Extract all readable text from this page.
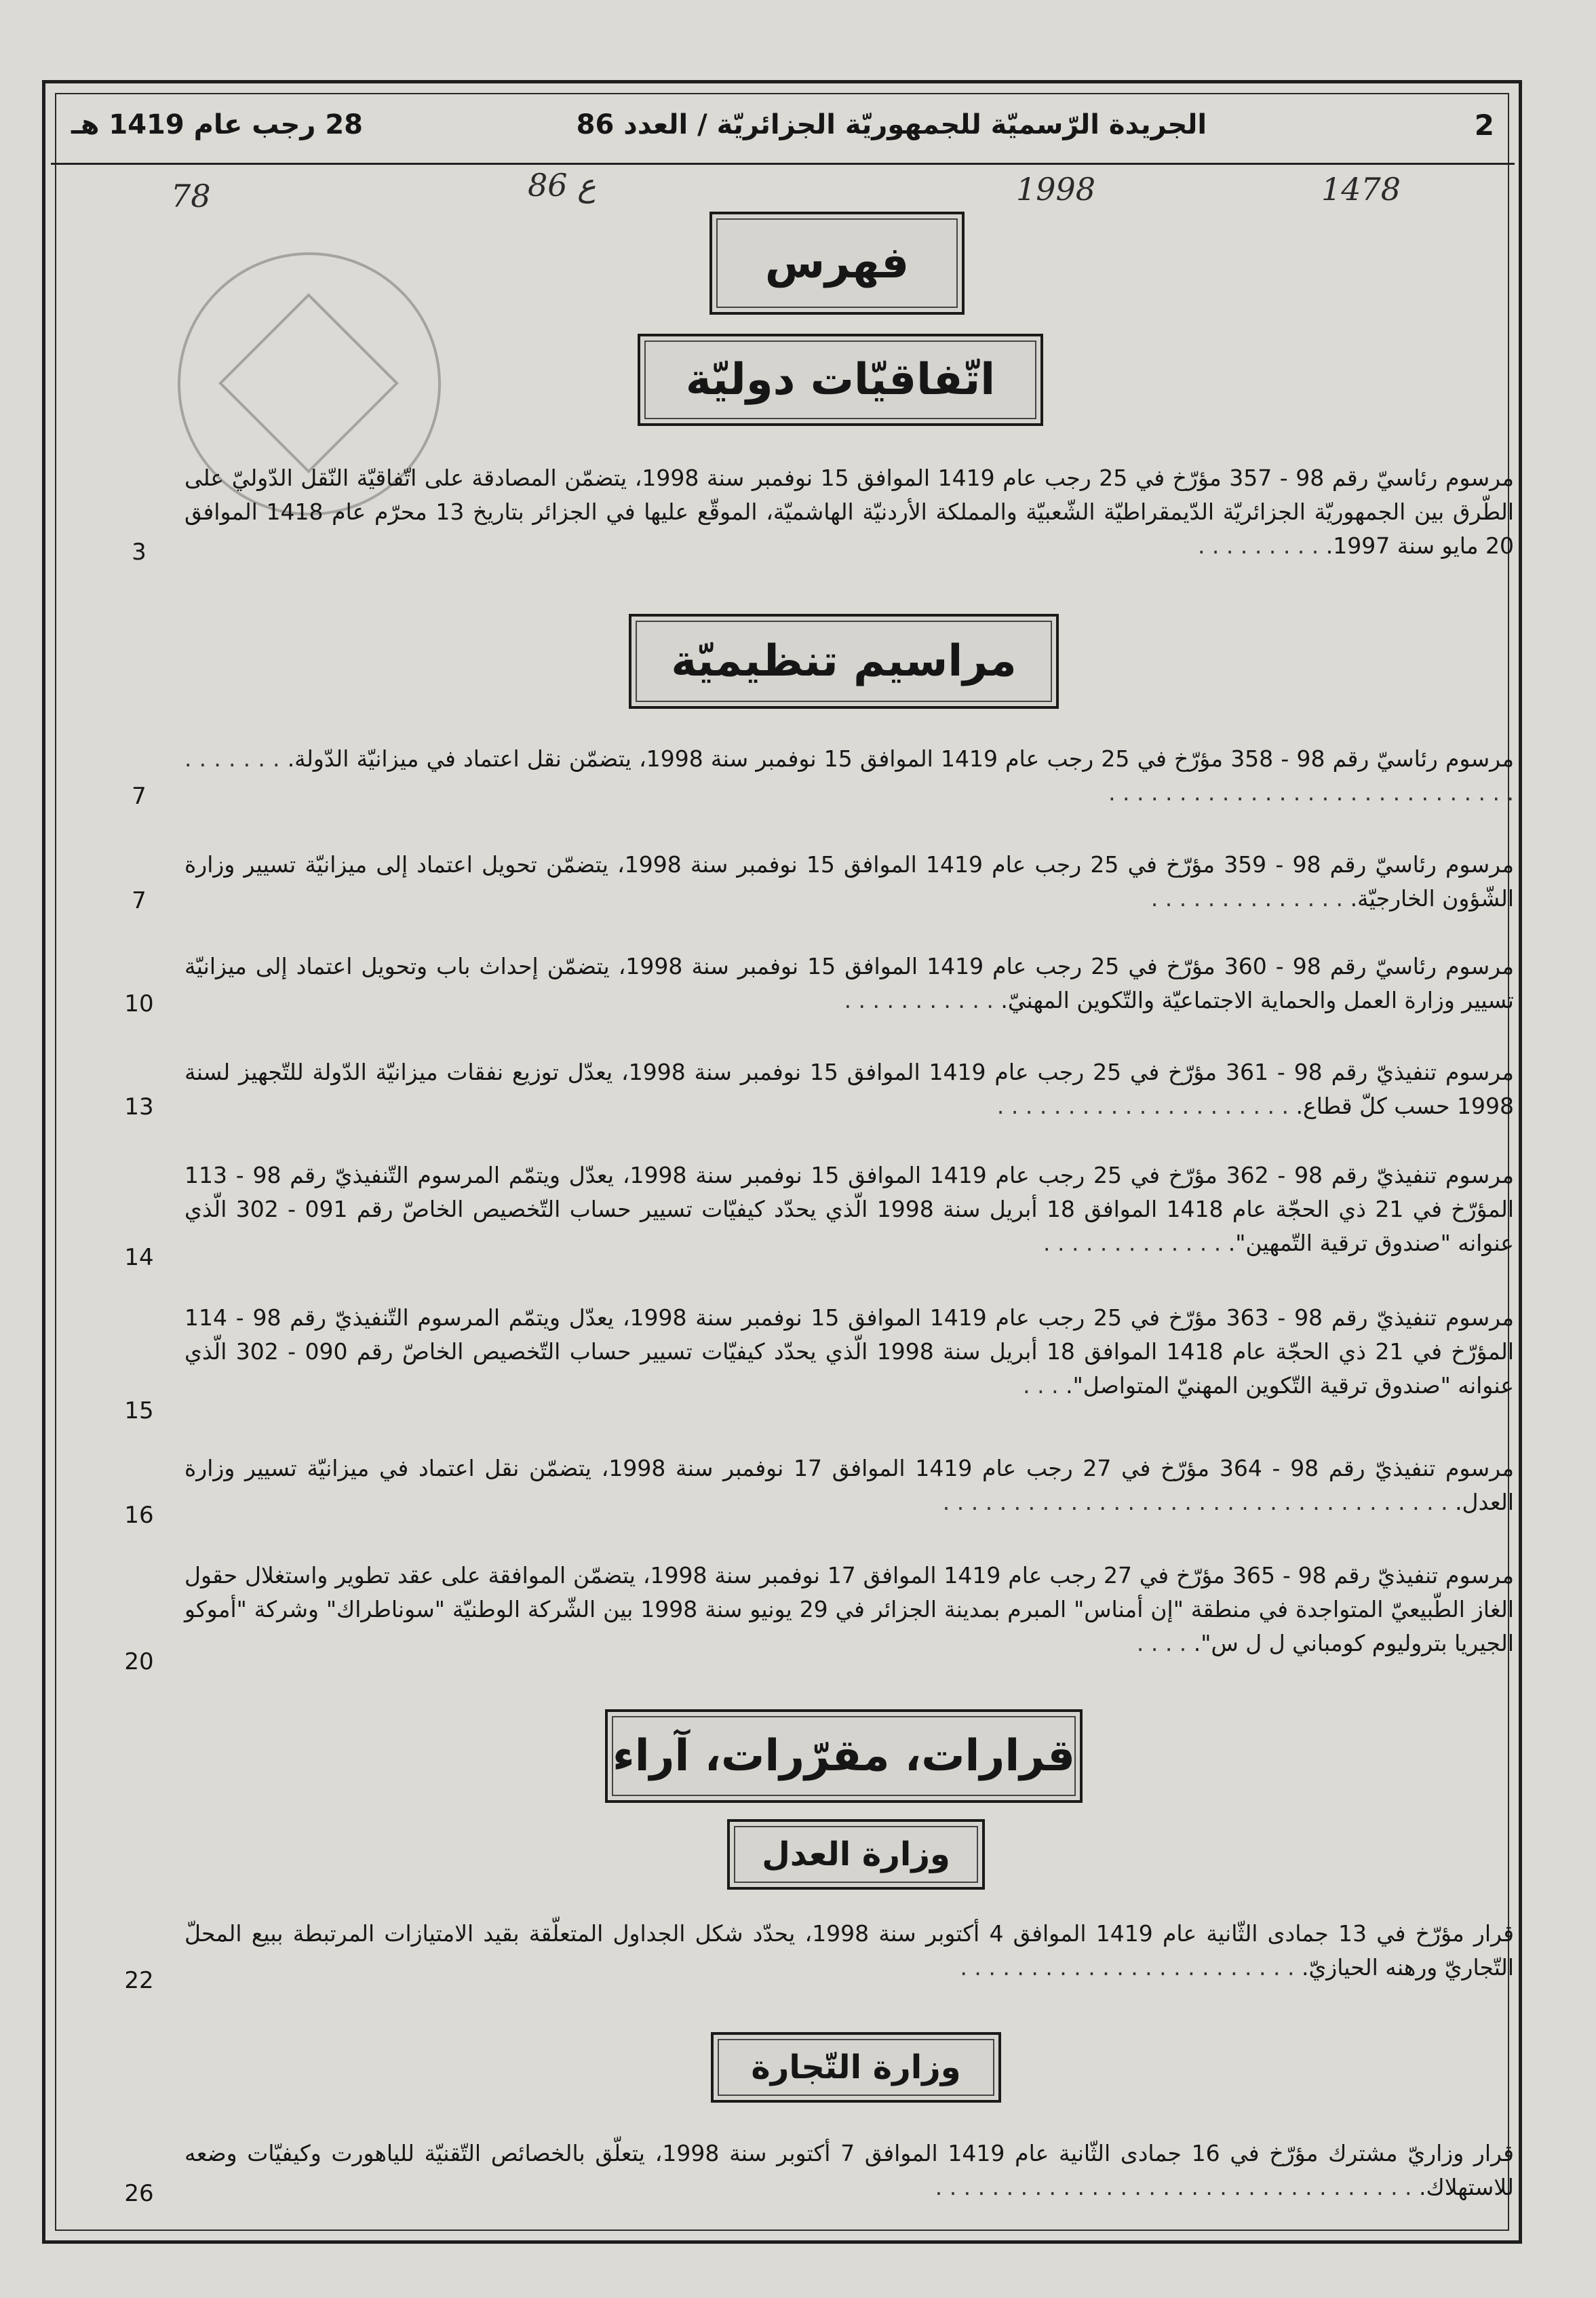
2
الجريدة الرّسميّة للجمهوريّة الجزائريّة / العدد 86
28 رجب عام 1419 هـ
1478
1998
86 ع
78
فهرس
اتّفاقيّات دوليّة
مرسوم رئاسيّ رقم 98 - 357 مؤرّخ في 25 رجب عام 1419 الموافق 15 نوفمبر سنة 1998، يتضمّن المصادقة على اتّفاقيّة النّقل الدّوليّ على الطّرق بين الجمهوريّة الجزائريّة الدّيمقراطيّة الشّعبيّة والمملكة الأردنيّة الهاشميّة، الموقّع عليها في الجزائر بتاريخ 13 محرّم عام 1418 الموافق 20 مايو سنة 1997. . . . . . . . . .
3
مراسيم تنظيميّة
مرسوم رئاسيّ رقم 98 - 358 مؤرّخ في 25 رجب عام 1419 الموافق 15 نوفمبر سنة 1998، يتضمّن نقل اعتماد في ميزانيّة الدّولة. . . . . . . . . . . . . . . . . . . . . . . . . . . . . . . . . . . . .
7
مرسوم رئاسيّ رقم 98 - 359 مؤرّخ في 25 رجب عام 1419 الموافق 15 نوفمبر سنة 1998، يتضمّن تحويل اعتماد إلى ميزانيّة تسيير وزارة الشّؤون الخارجيّة. . . . . . . . . . . . . . .
7
مرسوم رئاسيّ رقم 98 - 360 مؤرّخ في 25 رجب عام 1419 الموافق 15 نوفمبر سنة 1998، يتضمّن إحداث باب وتحويل اعتماد إلى ميزانيّة تسيير وزارة العمل والحماية الاجتماعيّة والتّكوين المهنيّ. . . . . . . . . . . .
10
مرسوم تنفيذيّ رقم 98 - 361 مؤرّخ في 25 رجب عام 1419 الموافق 15 نوفمبر سنة 1998، يعدّل توزيع نفقات ميزانيّة الدّولة للتّجهيز لسنة 1998 حسب كلّ قطاع. . . . . . . . . . . . . . . . . . . . . .
13
مرسوم تنفيذيّ رقم 98 - 362 مؤرّخ في 25 رجب عام 1419 الموافق 15 نوفمبر سنة 1998، يعدّل ويتمّم المرسوم التّنفيذيّ رقم 98 - 113 المؤرّخ في 21 ذي الحجّة عام 1418 الموافق 18 أبريل سنة 1998 الّذي يحدّد كيفيّات تسيير حساب التّخصيص الخاصّ رقم 091 - 302 الّذي عنوانه "صندوق ترقية التّمهين". . . . . . . . . . . . . .
14
مرسوم تنفيذيّ رقم 98 - 363 مؤرّخ في 25 رجب عام 1419 الموافق 15 نوفمبر سنة 1998، يعدّل ويتمّم المرسوم التّنفيذيّ رقم 98 - 114 المؤرّخ في 21 ذي الحجّة عام 1418 الموافق 18 أبريل سنة 1998 الّذي يحدّد كيفيّات تسيير حساب التّخصيص الخاصّ رقم 090 - 302 الّذي عنوانه "صندوق ترقية التّكوين المهنيّ المتواصل". . . .
15
مرسوم تنفيذيّ رقم 98 - 364 مؤرّخ في 27 رجب عام 1419 الموافق 17 نوفمبر سنة 1998، يتضمّن نقل اعتماد في ميزانيّة تسيير وزارة العدل. . . . . . . . . . . . . . . . . . . . . . . . . . . . . . . . . . . . .
16
مرسوم تنفيذيّ رقم 98 - 365 مؤرّخ في 27 رجب عام 1419 الموافق 17 نوفمبر سنة 1998، يتضمّن الموافقة على عقد تطوير واستغلال حقول الغاز الطّبيعيّ المتواجدة في منطقة "إن أمناس" المبرم بمدينة الجزائر في 29 يونيو سنة 1998 بين الشّركة الوطنيّة "سوناطراك" وشركة "أموكو الجيريا بتروليوم كومباني ل ل س". . . . .
20
قرارات، مقرّرات، آراء
وزارة العدل
قرار مؤرّخ في 13 جمادى الثّانية عام 1419 الموافق 4 أكتوبر سنة 1998، يحدّد شكل الجداول المتعلّقة بقيد الامتيازات المرتبطة ببيع المحلّ التّجاريّ ورهنه الحيازيّ. . . . . . . . . . . . . . . . . . . . . . . . .
22
وزارة التّجارة
قرار وزاريّ مشترك مؤرّخ في 16 جمادى الثّانية عام 1419 الموافق 7 أكتوبر سنة 1998، يتعلّق بالخصائص التّقنيّة للياهورت وكيفيّات وضعه للاستهلاك. . . . . . . . . . . . . . . . . . . . . . . . . . . . . . . . . . .
26
